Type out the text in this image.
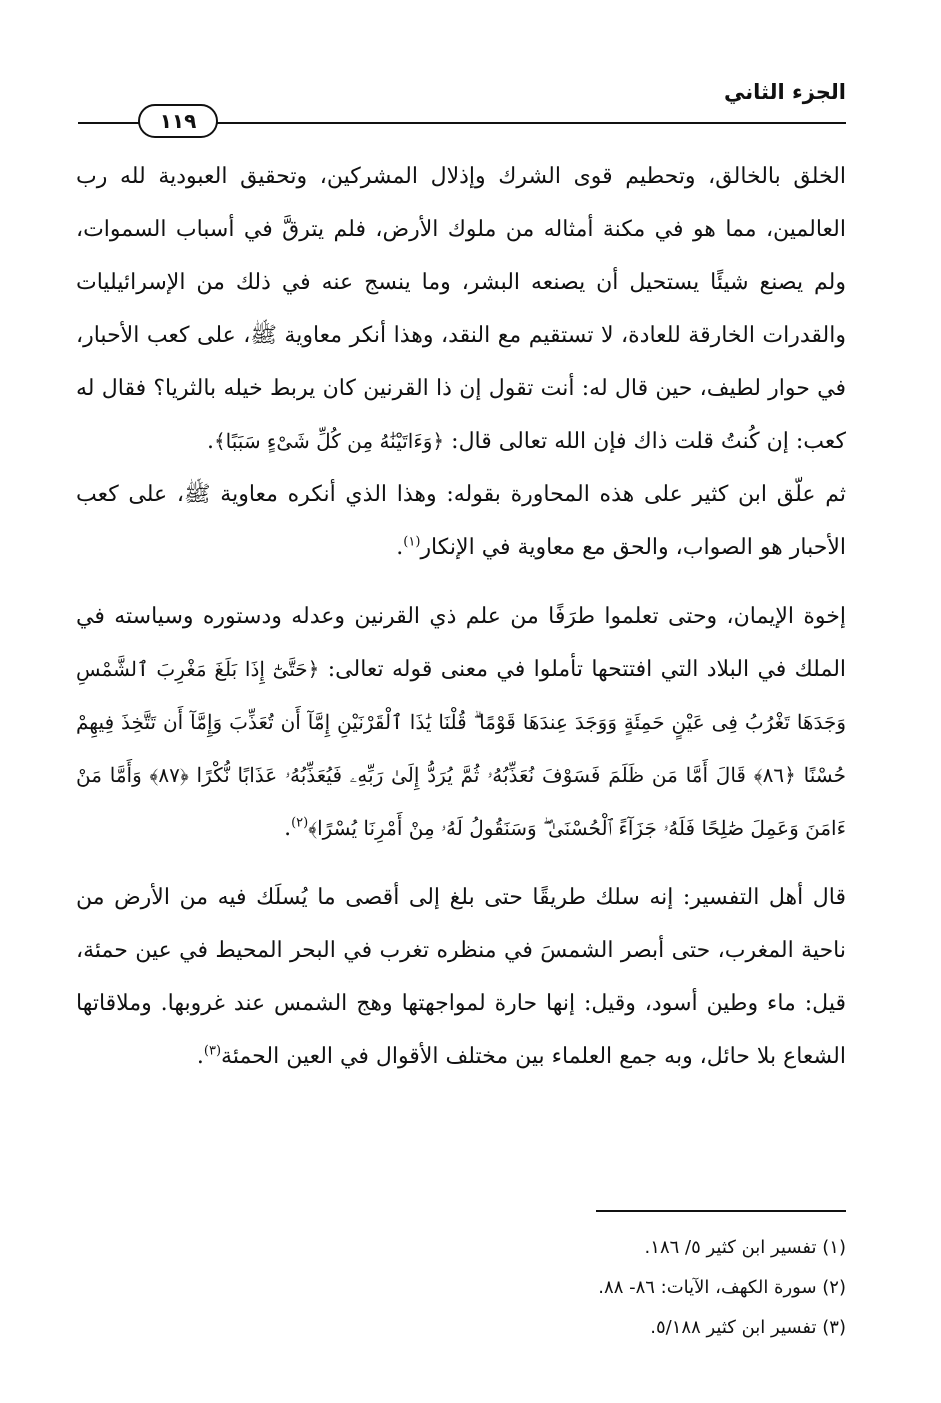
الجزء الثاني
١١٩

الخلق بالخالق، وتحطيم قوى الشرك وإذلال المشركين، وتحقيق العبودية لله رب العالمين، مما هو في مكنة أمثاله من ملوك الأرض، فلم يترقَّ في أسباب السموات، ولم يصنع شيئًا يستحيل أن يصنعه البشر، وما ينسج عنه في ذلك من الإسرائيليات والقدرات الخارقة للعادة، لا تستقيم مع النقد، وهذا أنكر معاوية ﷺ، على كعب الأحبار، في حوار لطيف، حين قال له: أنت تقول إن ذا القرنين كان يربط خيله بالثريا؟ فقال له كعب: إن كُنتُ قلت ذاك فإن الله تعالى قال: ﴿وَءَاتَيْنَٰهُ مِن كُلِّ شَىْءٍ سَبَبًا﴾.

ثم علّق ابن كثير على هذه المحاورة بقوله: وهذا الذي أنكره معاوية ﷺ، على كعب الأحبار هو الصواب، والحق مع معاوية في الإنكار$^{(١)}$.

إخوة الإيمان، وحتى تعلموا طرَفًا من علم ذي القرنين وعدله ودستوره وسياسته في الملك في البلاد التي افتتحها تأملوا في معنى قوله تعالى: ﴿حَتَّىٰٓ إِذَا بَلَغَ مَغْرِبَ ٱلشَّمْسِ وَجَدَهَا تَغْرُبُ فِى عَيْنٍ حَمِئَةٍ وَوَجَدَ عِندَهَا قَوْمًا ۗ قُلْنَا يَٰذَا ٱلْقَرْنَيْنِ إِمَّآ أَن تُعَذِّبَ وَإِمَّآ أَن تَتَّخِذَ فِيهِمْ حُسْنًا ﴿٨٦﴾ قَالَ أَمَّا مَن ظَلَمَ فَسَوْفَ نُعَذِّبُهُۥ ثُمَّ يُرَدُّ إِلَىٰ رَبِّهِۦ فَيُعَذِّبُهُۥ عَذَابًا نُّكْرًا ﴿٨٧﴾ وَأَمَّا مَنْ ءَامَنَ وَعَمِلَ صَٰلِحًا فَلَهُۥ جَزَآءً ٱلْحُسْنَىٰ ۖ وَسَنَقُولُ لَهُۥ مِنْ أَمْرِنَا يُسْرًا﴾$^{(٢)}$.

قال أهل التفسير: إنه سلك طريقًا حتى بلغ إلى أقصى ما يُسلَك فيه من الأرض من ناحية المغرب، حتى أبصر الشمسَ في منظره تغرب في البحر المحيط في عين حمئة، قيل: ماء وطين أسود، وقيل: إنها حارة لمواجهتها وهج الشمس عند غروبها. وملاقاتها الشعاع بلا حائل، وبه جمع العلماء بين مختلف الأقوال في العين الحمئة$^{(٣)}$.

(١) تفسير ابن كثير ٥/ ١٨٦.
(٢) سورة الكهف، الآيات: ٨٦- ٨٨.
(٣) تفسير ابن كثير ٥/١٨٨.
